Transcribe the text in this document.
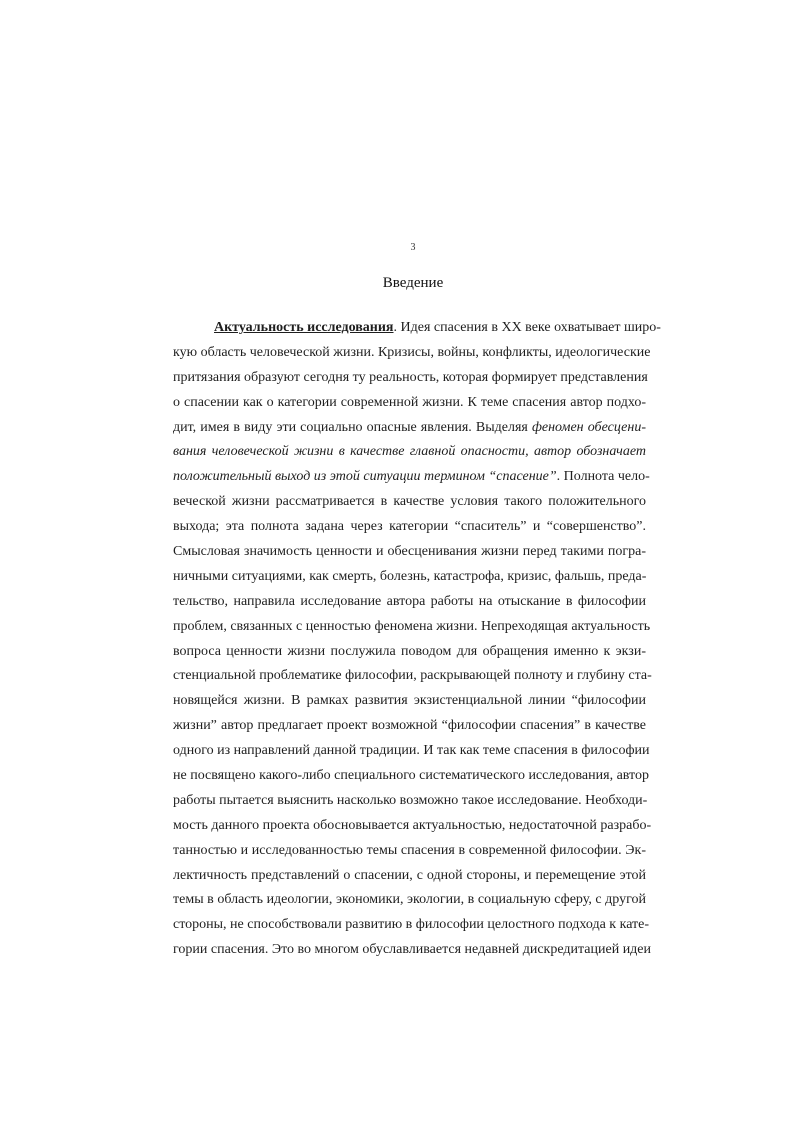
3
Введение
Актуальность исследования. Идея спасения в XX веке охватывает широ-
кую область человеческой жизни. Кризисы, войны, конфликты, идеологические
притязания образуют сегодня ту реальность, которая формирует представления
о спасении как о категории современной жизни. К теме спасения автор подхо-
дит, имея в виду эти социально опасные явления. Выделяя феномен обесцени-
вания человеческой жизни в качестве главной опасности, автор обозначает
положительный выход из этой ситуации термином “спасение”. Полнота чело-
веческой жизни рассматривается в качестве условия такого положительного
выхода; эта полнота задана через категории “спаситель” и “совершенство”.
Смысловая значимость ценности и обесценивания жизни перед такими погра-
ничными ситуациями, как смерть, болезнь, катастрофа, кризис, фальшь, преда-
тельство, направила исследование автора работы на отыскание в философии
проблем, связанных с ценностью феномена жизни. Непреходящая актуальность
вопроса ценности жизни послужила поводом для обращения именно к экзи-
стенциальной проблематике философии, раскрывающей полноту и глубину ста-
новящейся жизни. В рамках развития экзистенциальной линии “философии
жизни” автор предлагает проект возможной “философии спасения” в качестве
одного из направлений данной традиции. И так как теме спасения в философии
не посвящено какого-либо специального систематического исследования, автор
работы пытается выяснить насколько возможно такое исследование. Необходи-
мость данного проекта обосновывается актуальностью, недостаточной разрабо-
танностью и исследованностью темы спасения в современной философии. Эк-
лектичность представлений о спасении, с одной стороны, и перемещение этой
темы в область идеологии, экономики, экологии, в социальную сферу, с другой
стороны, не способствовали развитию в философии целостного подхода к кате-
гории спасения. Это во многом обуславливается недавней дискредитацией идеи
